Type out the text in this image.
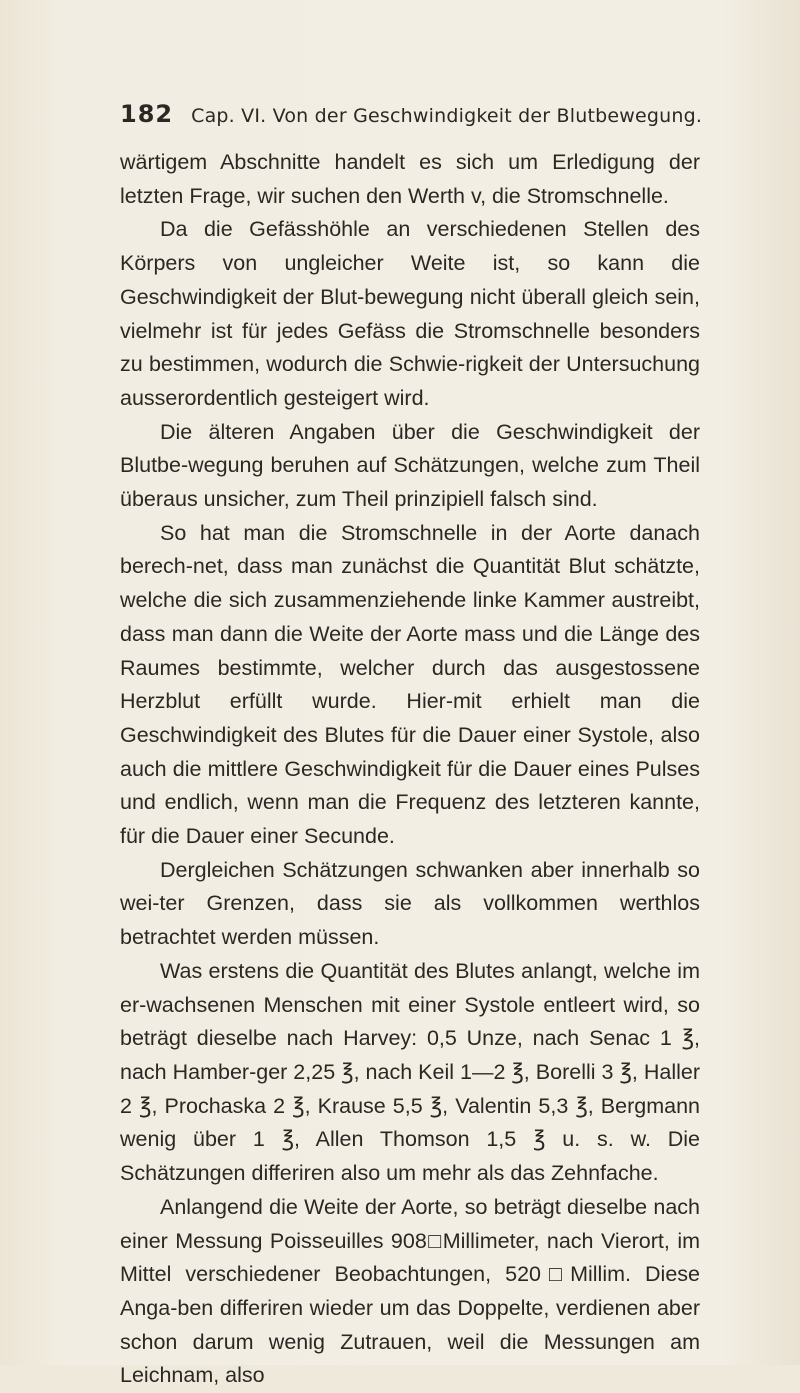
182 Cap. VI. Von der Geschwindigkeit der Blutbewegung.

wärtigem Abschnitte handelt es sich um Erledigung der letzten Frage, wir suchen den Werth v, die Stromschnelle.

Da die Gefässhöhle an verschiedenen Stellen des Körpers von ungleicher Weite ist, so kann die Geschwindigkeit der Blut-bewegung nicht überall gleich sein, vielmehr ist für jedes Gefäss die Stromschnelle besonders zu bestimmen, wodurch die Schwie-rigkeit der Untersuchung ausserordentlich gesteigert wird.

Die älteren Angaben über die Geschwindigkeit der Blutbe-wegung beruhen auf Schätzungen, welche zum Theil überaus unsicher, zum Theil prinzipiell falsch sind.

So hat man die Stromschnelle in der Aorte danach berech-net, dass man zunächst die Quantität Blut schätzte, welche die sich zusammenziehende linke Kammer austreibt, dass man dann die Weite der Aorte mass und die Länge des Raumes bestimmte, welcher durch das ausgestossene Herzblut erfüllt wurde. Hier-mit erhielt man die Geschwindigkeit des Blutes für die Dauer einer Systole, also auch die mittlere Geschwindigkeit für die Dauer eines Pulses und endlich, wenn man die Frequenz des letzteren kannte, für die Dauer einer Secunde.

Dergleichen Schätzungen schwanken aber innerhalb so wei-ter Grenzen, dass sie als vollkommen werthlos betrachtet werden müssen.

Was erstens die Quantität des Blutes anlangt, welche im er-wachsenen Menschen mit einer Systole entleert wird, so beträgt dieselbe nach Harvey: 0,5 Unze, nach Senac 1 ℥, nach Hamber-ger 2,25 ℥, nach Keil 1—2 ℥, Borelli 3 ℥, Haller 2 ℥, Prochaska 2 ℥, Krause 5,5 ℥, Valentin 5,3 ℥, Bergmann wenig über 1 ℥, Allen Thomson 1,5 ℥ u. s. w. Die Schätzungen differiren also um mehr als das Zehnfache.

Anlangend die Weite der Aorte, so beträgt dieselbe nach einer Messung Poisseuilles 908□Millimeter, nach Vierort, im Mittel verschiedener Beobachtungen, 520□Millim. Diese Anga-ben differiren wieder um das Doppelte, verdienen aber schon darum wenig Zutrauen, weil die Messungen am Leichnam, also
